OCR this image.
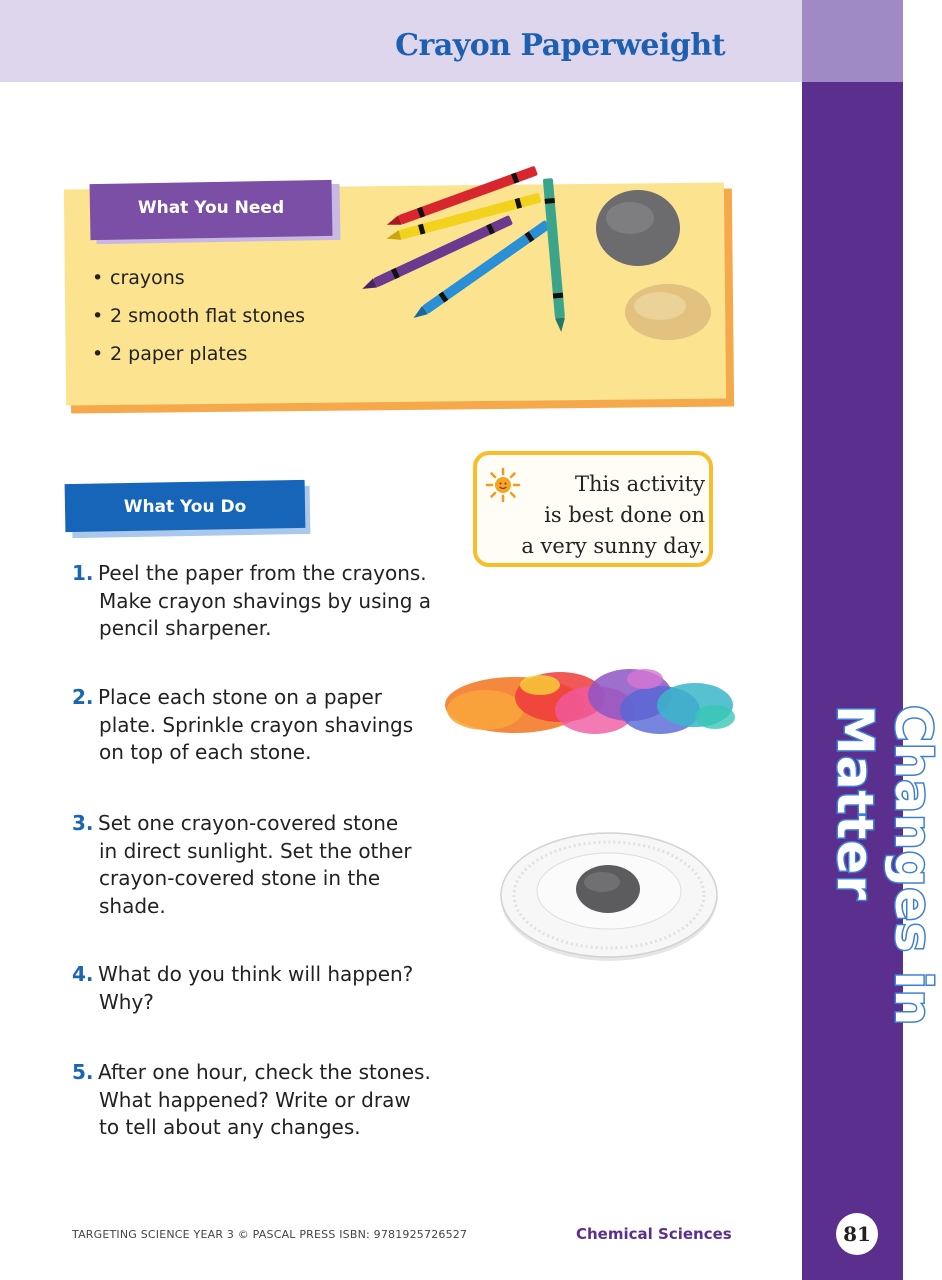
Crayon Paperweight
Changes in Matter
81
What You Need
• crayons
• 2 smooth flat stones
• 2 paper plates
What You Do
1. Peel the paper from the crayons.
Make crayon shavings by using a
pencil sharpener.
2. Place each stone on a paper
plate. Sprinkle crayon shavings
on top of each stone.
3. Set one crayon-covered stone
in direct sunlight. Set the other
crayon-covered stone in the
shade.
4. What do you think will happen?
Why?
5. After one hour, check the stones.
What happened? Write or draw
to tell about any changes.
This activity
is best done on
a very sunny day.
TARGETING SCIENCE YEAR 3 © PASCAL PRESS ISBN: 9781925726527	Chemical Sciences
